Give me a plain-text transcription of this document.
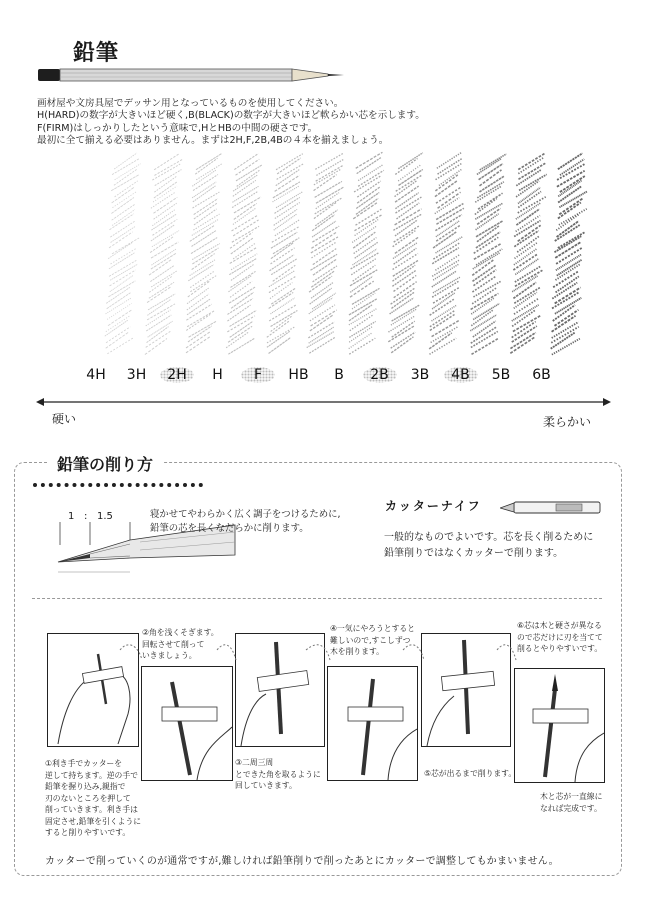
鉛筆
画材屋や文房具屋でデッサン用となっているものを使用してください。
H(HARD)の数字が大きいほど硬く,B(BLACK)の数字が大きいほど軟らかい芯を示します。
F(FIRM)はしっかりしたという意味で,HとHBの中間の硬さです。
最初に全て揃える必要はありません。まずは2H,F,2B,4Bの４本を揃えましょう。
4H	3H	2H	H	F	HB	B	2B	3B	4B	5B	6B
硬い	柔らかい
鉛筆の削り方
1 : 1.5	寝かせてやわらかく広く調子をつけるために,
鉛筆の芯を長くなだらかに削ります。
カッターナイフ
一般的なものでよいです。芯を長く削るために
鉛筆削りではなくカッターで削ります。
①利き手でカッターを
逆して持ちます。逆の手で
鉛筆を握り込み,親指で
刃のないところを押して
削っていきます。利き手は
固定させ,鉛筆を引くように
すると削りやすいです。
②角を浅くそぎます。
回転させて削って
いきましょう。
③二周三周
とできた角を取るように
回していきます。
④一気にやろうとすると
難しいので,すこしずつ
木を削ります。
⑤芯が出るまで削ります。
⑥芯は木と硬さが異なる
ので芯だけに刃を当てて
削るとやりやすいです。
木と芯が一直線に
なれば完成です。
カッターで削っていくのが通常ですが,難しければ鉛筆削りで削ったあとにカッターで調整してもかまいません。
